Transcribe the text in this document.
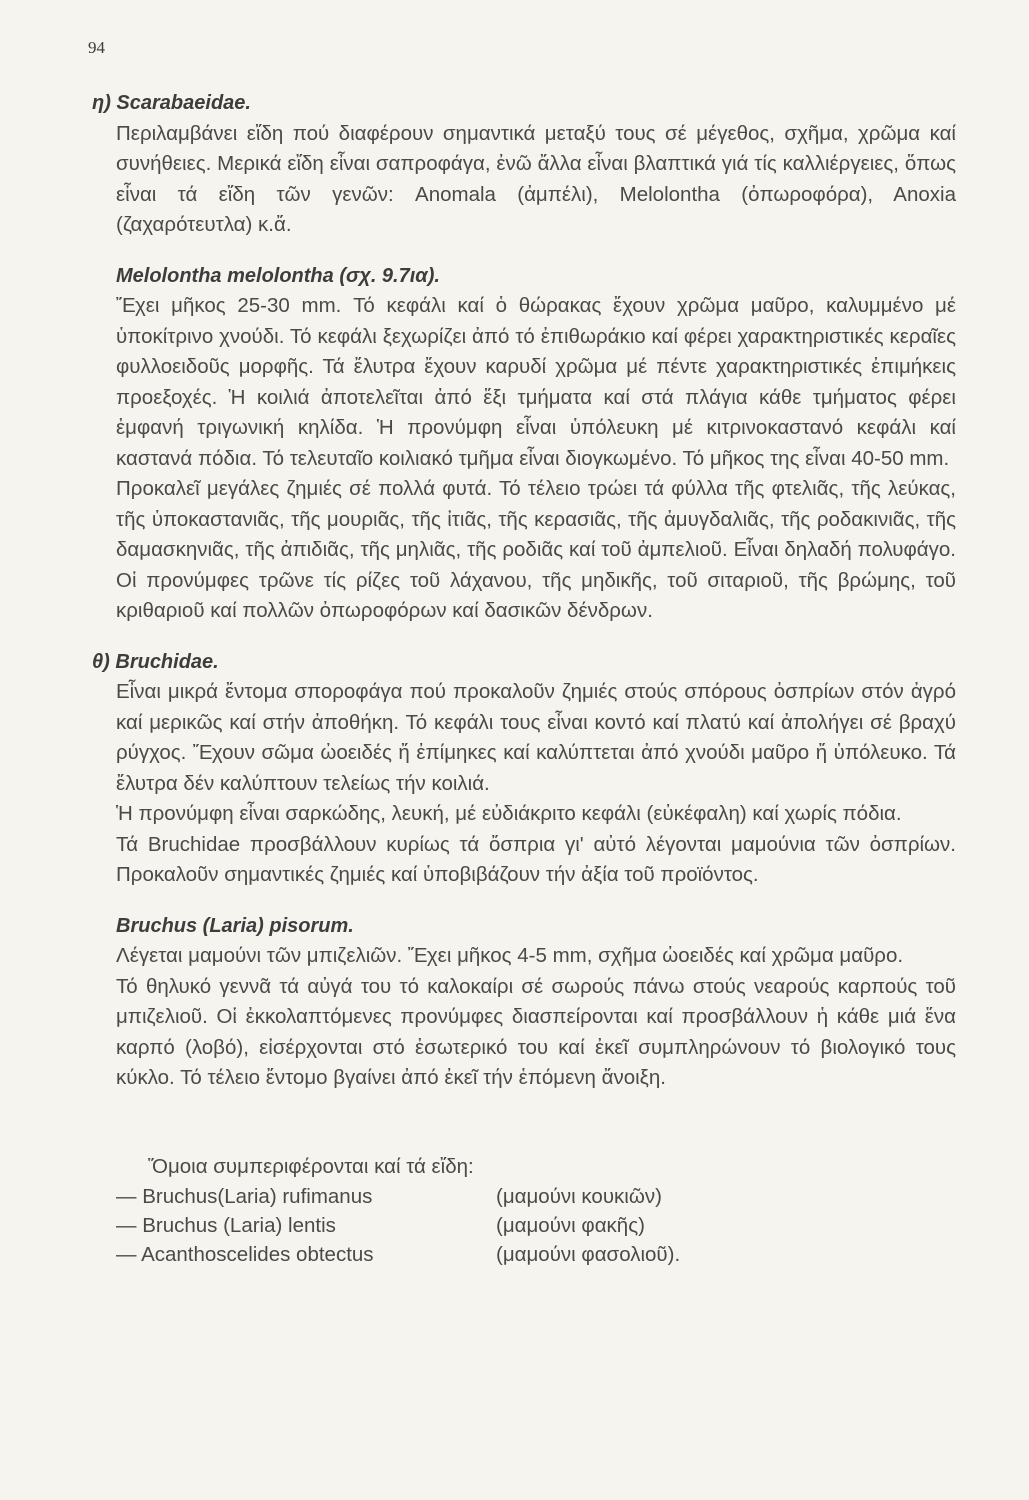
94

η) Scarabaeidae.

Περιλαμβάνει εἴδη πού διαφέρουν σημαντικά μεταξύ τους σέ μέγεθος, σχῆμα, χρῶμα καί συνήθειες. Μερικά εἴδη εἶναι σαπροφάγα, ἐνῶ ἄλλα εἶναι βλαπτικά γιά τίς καλλιέργειες, ὅπως εἶναι τά εἴδη τῶν γενῶν: Anomala (ἀμπέλι), Melolontha (ὀπωροφόρα), Anoxia (ζαχαρότευτλα) κ.ἄ.

Melolontha melolontha (σχ. 9.7ια).

Ἔχει μῆκος 25-30 mm. Τό κεφάλι καί ὁ θώρακας ἔχουν χρῶμα μαῦρο, καλυμμένο μέ ὑποκίτρινο χνούδι. Τό κεφάλι ξεχωρίζει ἀπό τό ἐπιθωράκιο καί φέρει χαρακτηριστικές κεραῖες φυλλοειδοῦς μορφῆς. Τά ἔλυτρα ἔχουν καρυδί χρῶμα μέ πέντε χαρακτηριστικές ἐπιμήκεις προεξοχές. Ἡ κοιλιά ἀποτελεῖται ἀπό ἕξι τμήματα καί στά πλάγια κάθε τμήματος φέρει ἐμφανή τριγωνική κηλίδα. Ἡ προνύμφη εἶναι ὑπόλευκη μέ κιτρινοκαστανό κεφάλι καί καστανά πόδια. Τό τελευταῖο κοιλιακό τμῆμα εἶναι διογκωμένο. Τό μῆκος της εἶναι 40-50 mm.

Προκαλεῖ μεγάλες ζημιές σέ πολλά φυτά. Τό τέλειο τρώει τά φύλλα τῆς φτελιᾶς, τῆς λεύκας, τῆς ὑποκαστανιᾶς, τῆς μουριᾶς, τῆς ἰτιᾶς, τῆς κερασιᾶς, τῆς ἀμυγδαλιᾶς, τῆς ροδακινιᾶς, τῆς δαμασκηνιᾶς, τῆς ἀπιδιᾶς, τῆς μηλιᾶς, τῆς ροδιᾶς καί τοῦ ἀμπελιοῦ. Εἶναι δηλαδή πολυφάγο. Οἱ προνύμφες τρῶνε τίς ρίζες τοῦ λάχανου, τῆς μηδικῆς, τοῦ σιταριοῦ, τῆς βρώμης, τοῦ κριθαριοῦ καί πολλῶν ὀπωροφόρων καί δασικῶν δένδρων.

θ) Bruchidae.

Εἶναι μικρά ἔντομα σποροφάγα πού προκαλοῦν ζημιές στούς σπόρους ὀσπρίων στόν ἀγρό καί μερικῶς καί στήν ἀποθήκη. Τό κεφάλι τους εἶναι κοντό καί πλατύ καί ἀπολήγει σέ βραχύ ρύγχος. Ἔχουν σῶμα ὠοειδές ἤ ἐπίμηκες καί καλύπτεται ἀπό χνούδι μαῦρο ἤ ὑπόλευκο. Τά ἔλυτρα δέν καλύπτουν τελείως τήν κοιλιά.

Ἡ προνύμφη εἶναι σαρκώδης, λευκή, μέ εὐδιάκριτο κεφάλι (εὐκέφαλη) καί χωρίς πόδια.

Τά Bruchidae προσβάλλουν κυρίως τά ὄσπρια γι' αὐτό λέγονται μαμούνια τῶν ὀσπρίων. Προκαλοῦν σημαντικές ζημιές καί ὑποβιβάζουν τήν ἀξία τοῦ προϊόντος.

Bruchus (Laria) pisorum.

Λέγεται μαμούνι τῶν μπιζελιῶν. Ἔχει μῆκος 4-5 mm, σχῆμα ὠοειδές καί χρῶμα μαῦρο.

Τό θηλυκό γεννᾶ τά αὐγά του τό καλοκαίρι σέ σωρούς πάνω στούς νεαρούς καρπούς τοῦ μπιζελιοῦ. Οἱ ἐκκολαπτόμενες προνύμφες διασπείρονται καί προσβάλλουν ἡ κάθε μιά ἕνα καρπό (λοβό), εἰσέρχονται στό ἐσωτερικό του καί ἐκεῖ συμπληρώνουν τό βιολογικό τους κύκλο. Τό τέλειο ἔντομο βγαίνει ἀπό ἐκεῖ τήν ἑπόμενη ἄνοιξη.

Ὅμοια συμπεριφέρονται καί τά εἴδη:

— Bruchus(Laria) rufimanus	(μαμούνι κουκιῶν)
— Bruchus (Laria) lentis	(μαμούνι φακῆς)
— Acanthoscelides obtectus	(μαμούνι φασολιοῦ).
